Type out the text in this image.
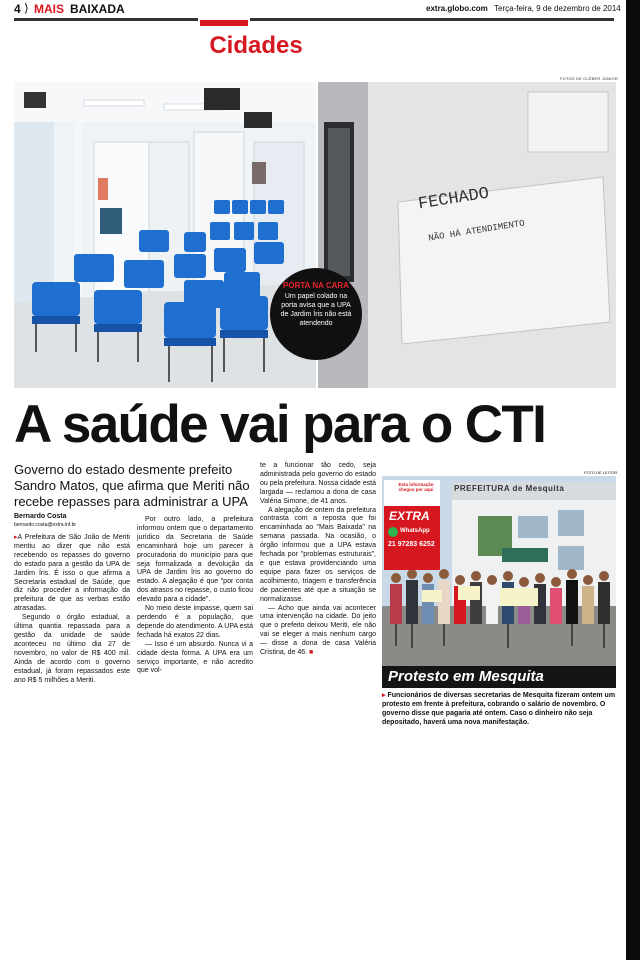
4 ⟩ MAIS BAIXADA	extra.globo.com Terça-feira, 9 de dezembro de 2014
Cidades
FOTOS DE CLÉBER JÚNIOR
FECHADO
NÃO HÁ ATENDIMENTO
PORTA NA CARA
Um papel colado na porta avisa que a UPA de Jardim Íris não está atendendo
A saúde vai para o CTI
Governo do estado desmente prefeito Sandro Matos, que afirma que Meriti não recebe repasses para administrar a UPA
Bernardo Costa
bernardo.costa@extra.inf.br

▸A Prefeitura de São João de Meriti mentiu ao dizer que não está recebendo os repasses do governo do estado para a gestão da UPA de Jardim Íris. É isso o que afirma a Secretaria estadual de Saúde, que diz não proceder a informação da prefeitura de que as verbas estão atrasadas.

Segundo o órgão estadual, a última quantia repassada para a gestão da unidade de saúde aconteceu no último dia 27 de novembro, no valor de R$ 400 mil. Ainda de acordo com o governo estadual, já foram repassados este ano R$ 5 milhões a Meriti.

Por outro lado, a prefeitura informou ontem que o departamento jurídico da Secretaria de Saúde encaminhará hoje um parecer à procuradoria do município para que seja formalizada a devolução da UPA de Jardim Íris ao governo do estado. A alegação é que "por conta dos atrasos no repasse, o custo ficou elevado para a cidade".

No meio deste impasse, quem sai perdendo é a população, que depende do atendimento. A UPA está fechada há exatos 22 dias.

— Isso é um absurdo. Nunca vi a cidade desta forma. A UPA era um serviço importante, e não acredito que vol-

te a funcionar tão cedo, seja administrada pelo governo do estado ou pela prefeitura. Nossa cidade está largada — reclamou a dona de casa Valéria Simone, de 41 anos.

A alegação de ontem da prefeitura contrasta com a reposta que foi encaminhada ao "Mais Baixada" na semana passada. Na ocasião, o órgão informou que a UPA estava fechada por "problemas estruturais", e que estava providenciando uma equipe para fazer os serviços de acolhimento, triagem e transferência de pacientes até que a situação se normalizasse.

— Acho que ainda vai acontecer uma intervenção na cidade. Do jeito que o prefeito deixou Meriti, ele não vai se eleger a mais nenhum cargo — disse a dona de casa Valéria Cristina, de 46. ■

FOTO DE LEITOR
Esta informação chegou por aqui
EXTRA
WhatsApp
21 97283 6252
PREFEITURA de Mesquita
Protesto em Mesquita
▸ Funcionários de diversas secretarias de Mesquita fizeram ontem um protesto em frente à prefeitura, cobrando o salário de novembro. O governo disse que pagaria até ontem. Caso o dinheiro não seja depositado, haverá uma nova manifestação.
